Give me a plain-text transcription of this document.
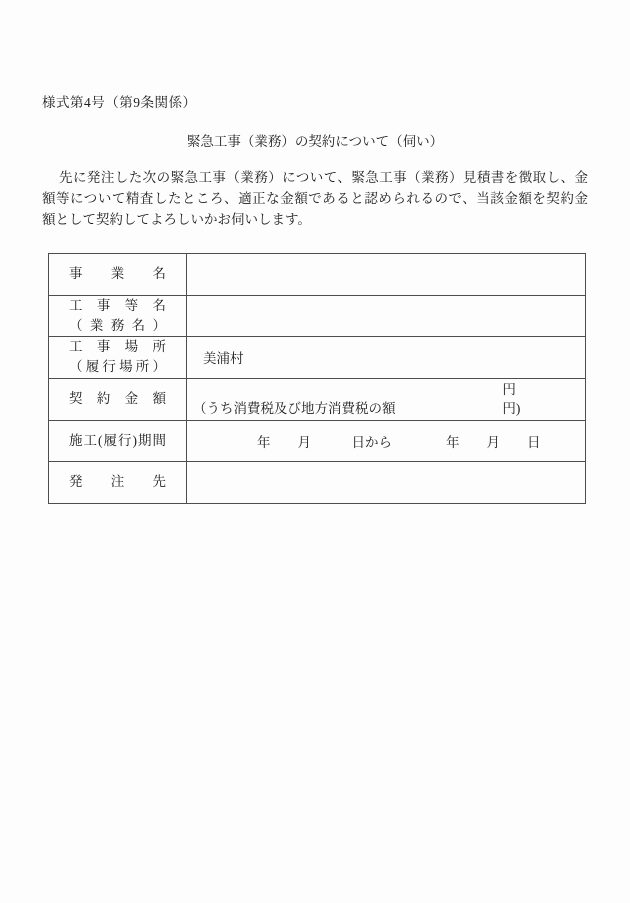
様式第4号（第9条関係）
緊急工事（業務）の契約について（伺い）
先に発注した次の緊急工事（業務）について、緊急工事（業務）見積書を徴取し、金
額等について精査したところ、適正な金額であると認められるので、当該金額を契約金
額として契約してよろしいかお伺いします。
事業名	

工事等名
（業務名）	

工事場所
（履行場所）	美浦村

契約金額	円
（うち消費税及び地方消費税の額 円)

施工(履行)期間	　　　　年　　月　　　日から　　　　年　　月　　日

発注先	
